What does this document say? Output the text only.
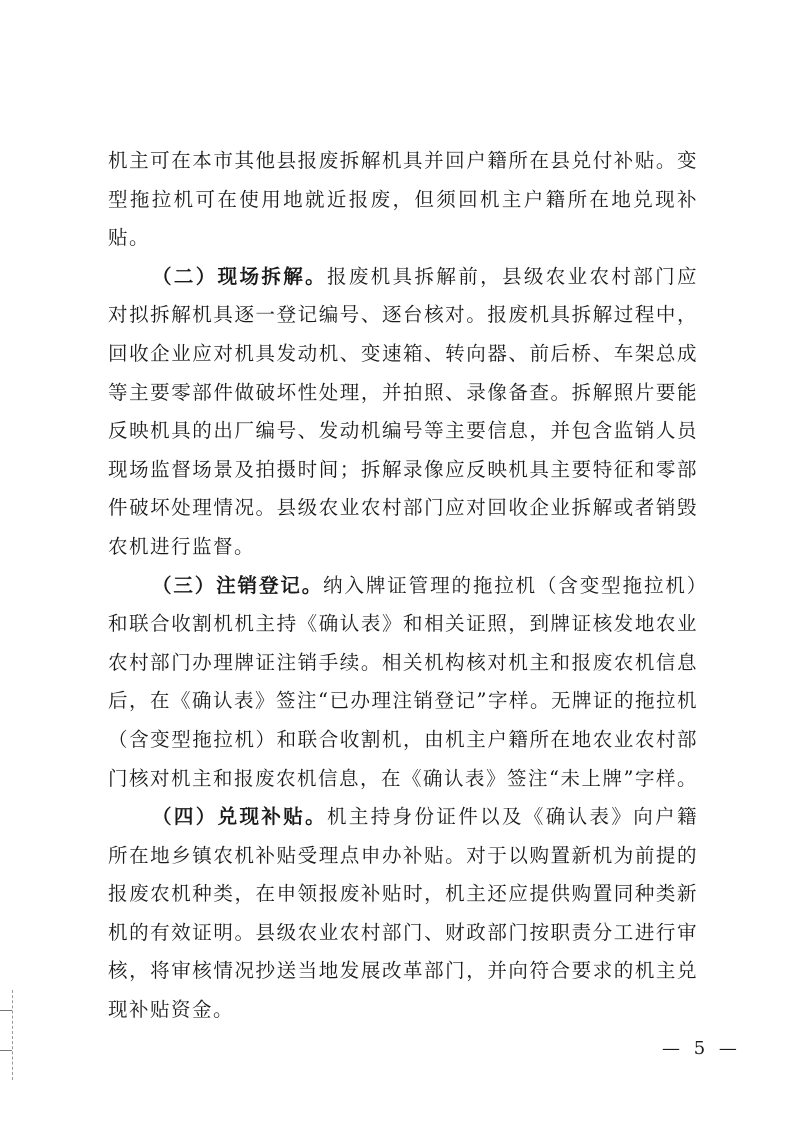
机主可在本市其他县报废拆解机具并回户籍所在县兑付补贴。变型拖拉机可在使用地就近报废，但须回机主户籍所在地兑现补贴。

（二）现场拆解。报废机具拆解前，县级农业农村部门应对拟拆解机具逐一登记编号、逐台核对。报废机具拆解过程中，回收企业应对机具发动机、变速箱、转向器、前后桥、车架总成等主要零部件做破坏性处理，并拍照、录像备查。拆解照片要能反映机具的出厂编号、发动机编号等主要信息，并包含监销人员现场监督场景及拍摄时间；拆解录像应反映机具主要特征和零部件破坏处理情况。县级农业农村部门应对回收企业拆解或者销毁农机进行监督。

（三）注销登记。纳入牌证管理的拖拉机（含变型拖拉机）和联合收割机机主持《确认表》和相关证照，到牌证核发地农业农村部门办理牌证注销手续。相关机构核对机主和报废农机信息后，在《确认表》签注“已办理注销登记”字样。无牌证的拖拉机（含变型拖拉机）和联合收割机，由机主户籍所在地农业农村部门核对机主和报废农机信息，在《确认表》签注“未上牌”字样。

（四）兑现补贴。机主持身份证件以及《确认表》向户籍所在地乡镇农机补贴受理点申办补贴。对于以购置新机为前提的报废农机种类，在申领报废补贴时，机主还应提供购置同种类新机的有效证明。县级农业农村部门、财政部门按职责分工进行审核，将审核情况抄送当地发展改革部门，并向符合要求的机主兑现补贴资金。

— 5 —
